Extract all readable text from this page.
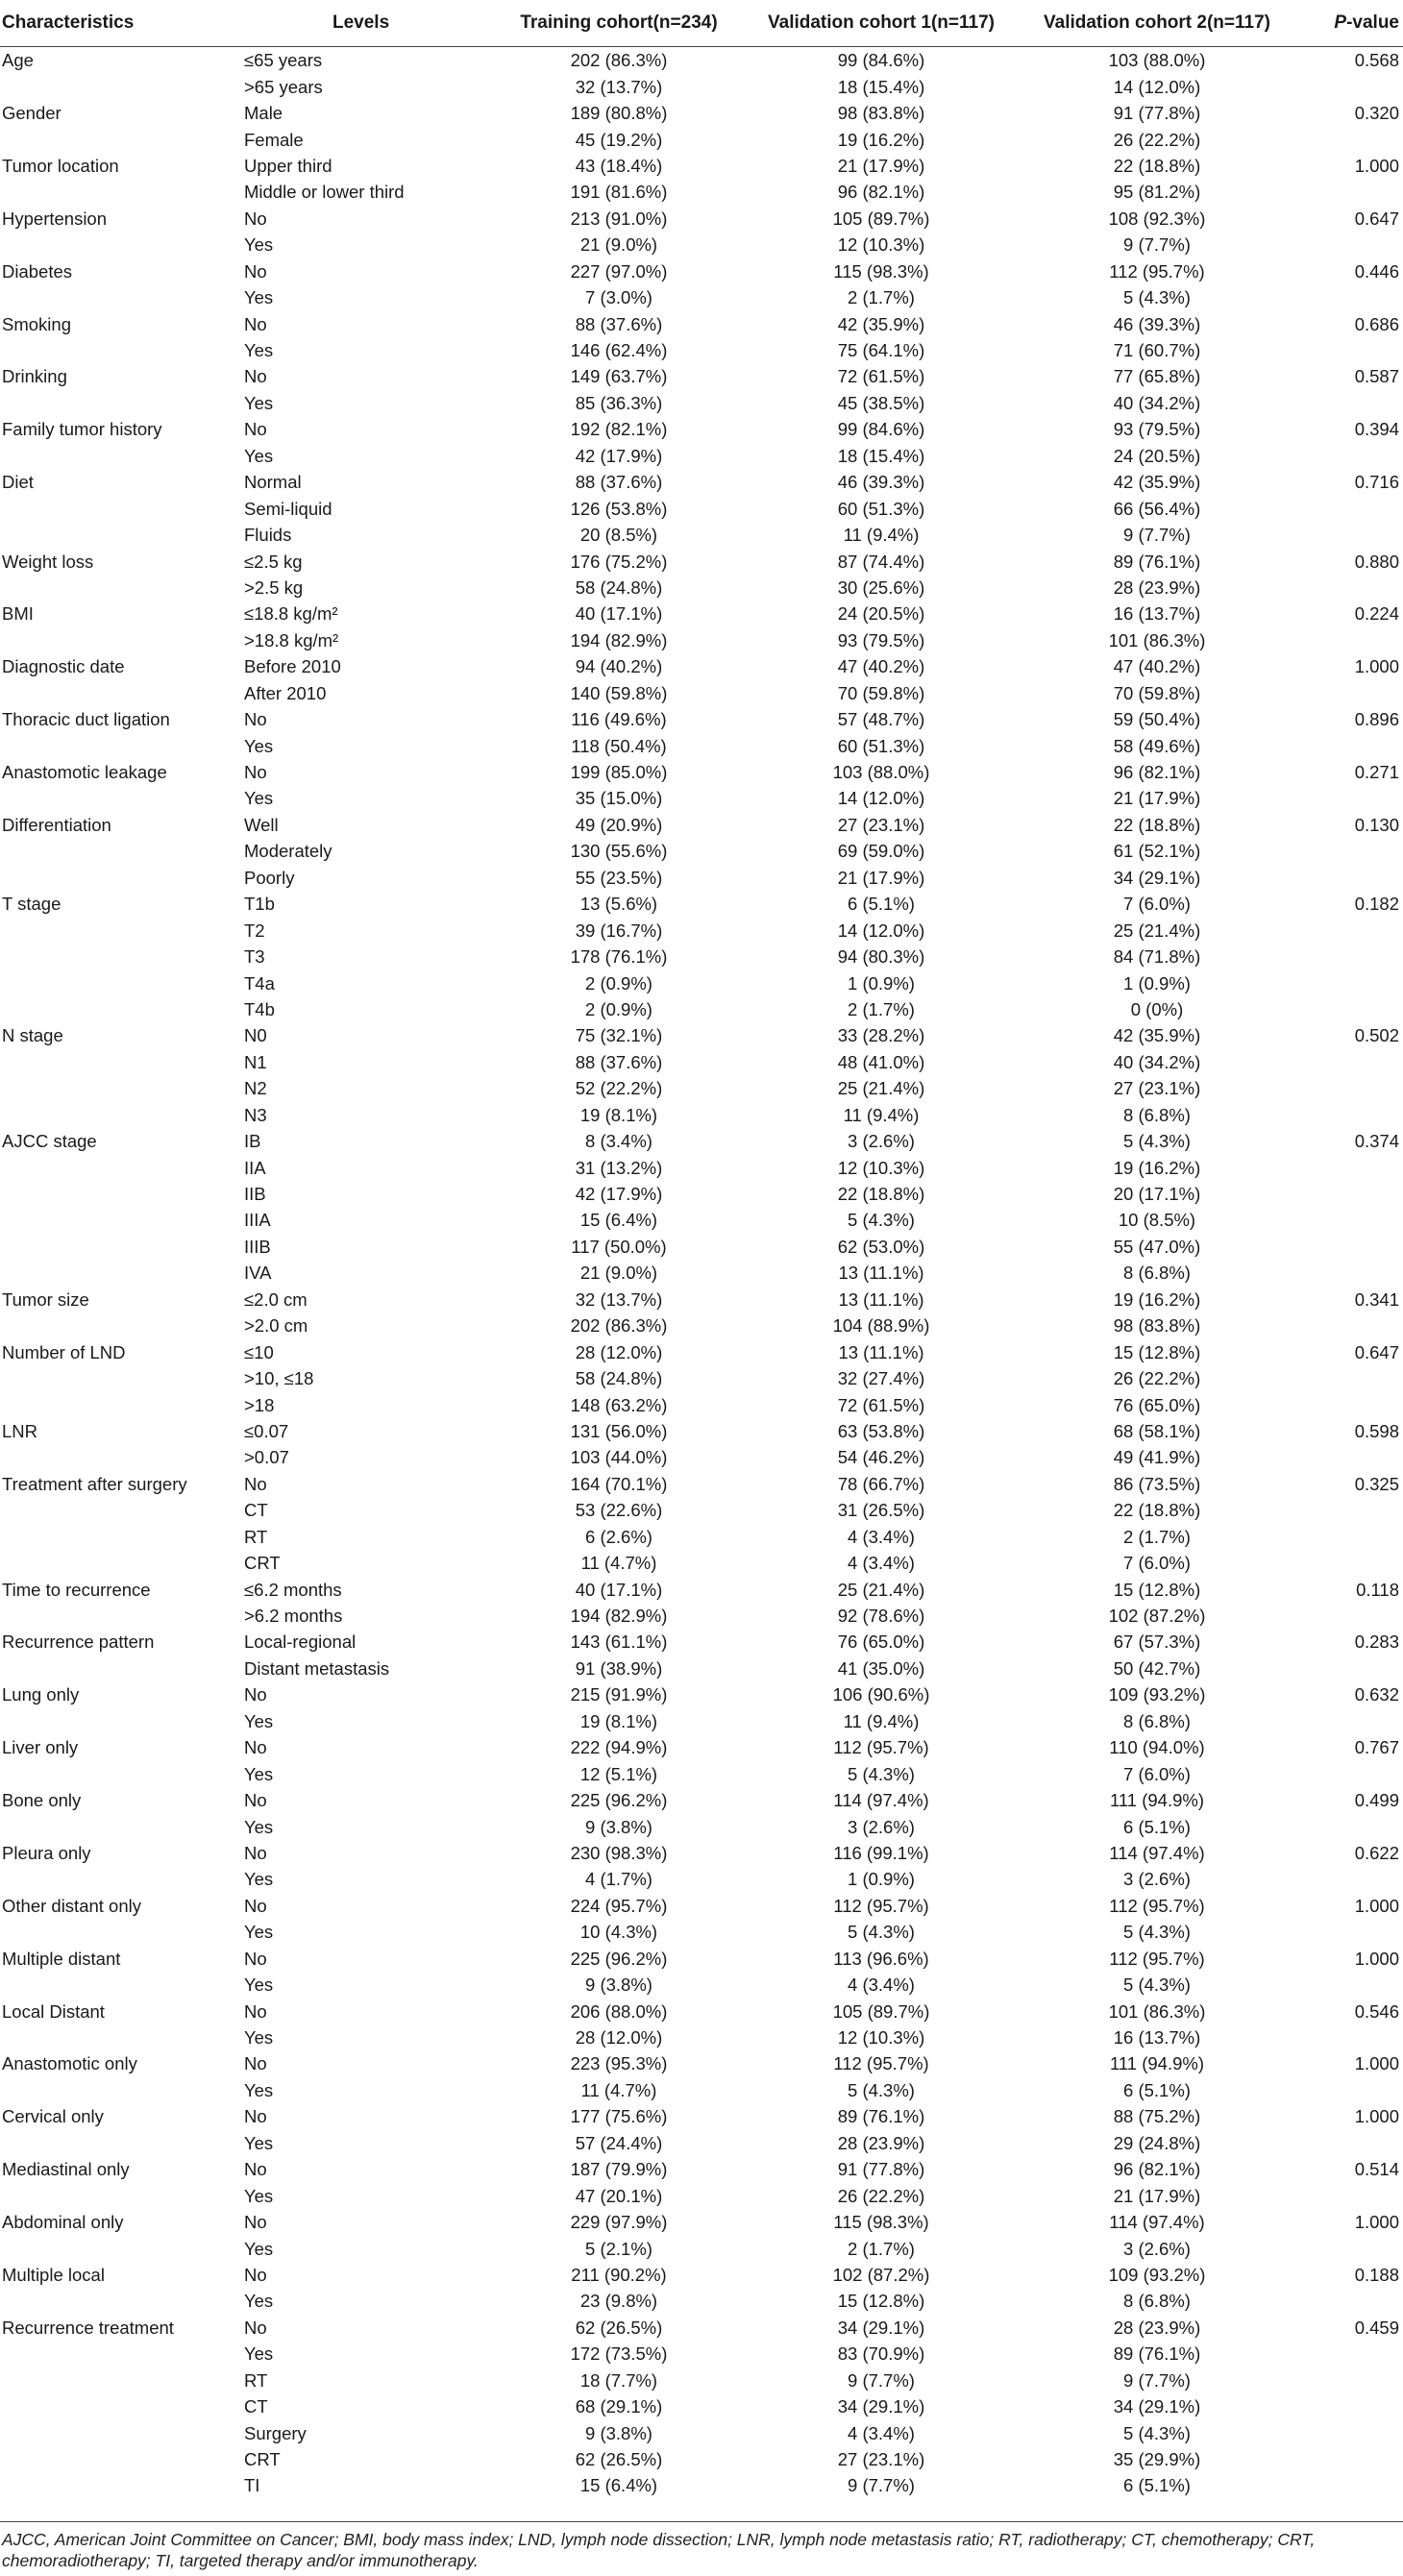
Characteristics	Levels	Training cohort(n=234)	Validation cohort 1(n=117)	Validation cohort 2(n=117)	P-value
Age	≤65 years	202 (86.3%)	99 (84.6%)	103 (88.0%)	0.568
	>65 years	32 (13.7%)	18 (15.4%)	14 (12.0%)	
Gender	Male	189 (80.8%)	98 (83.8%)	91 (77.8%)	0.320
	Female	45 (19.2%)	19 (16.2%)	26 (22.2%)	
Tumor location	Upper third	43 (18.4%)	21 (17.9%)	22 (18.8%)	1.000
	Middle or lower third	191 (81.6%)	96 (82.1%)	95 (81.2%)	
Hypertension	No	213 (91.0%)	105 (89.7%)	108 (92.3%)	0.647
	Yes	21 (9.0%)	12 (10.3%)	9 (7.7%)	
Diabetes	No	227 (97.0%)	115 (98.3%)	112 (95.7%)	0.446
	Yes	7 (3.0%)	2 (1.7%)	5 (4.3%)	
Smoking	No	88 (37.6%)	42 (35.9%)	46 (39.3%)	0.686
	Yes	146 (62.4%)	75 (64.1%)	71 (60.7%)	
Drinking	No	149 (63.7%)	72 (61.5%)	77 (65.8%)	0.587
	Yes	85 (36.3%)	45 (38.5%)	40 (34.2%)	
Family tumor history	No	192 (82.1%)	99 (84.6%)	93 (79.5%)	0.394
	Yes	42 (17.9%)	18 (15.4%)	24 (20.5%)	
Diet	Normal	88 (37.6%)	46 (39.3%)	42 (35.9%)	0.716
	Semi-liquid	126 (53.8%)	60 (51.3%)	66 (56.4%)	
	Fluids	20 (8.5%)	11 (9.4%)	9 (7.7%)	
Weight loss	≤2.5 kg	176 (75.2%)	87 (74.4%)	89 (76.1%)	0.880
	>2.5 kg	58 (24.8%)	30 (25.6%)	28 (23.9%)	
BMI	≤18.8 kg/m²	40 (17.1%)	24 (20.5%)	16 (13.7%)	0.224
	>18.8 kg/m²	194 (82.9%)	93 (79.5%)	101 (86.3%)	
Diagnostic date	Before 2010	94 (40.2%)	47 (40.2%)	47 (40.2%)	1.000
	After 2010	140 (59.8%)	70 (59.8%)	70 (59.8%)	
Thoracic duct ligation	No	116 (49.6%)	57 (48.7%)	59 (50.4%)	0.896
	Yes	118 (50.4%)	60 (51.3%)	58 (49.6%)	
Anastomotic leakage	No	199 (85.0%)	103 (88.0%)	96 (82.1%)	0.271
	Yes	35 (15.0%)	14 (12.0%)	21 (17.9%)	
Differentiation	Well	49 (20.9%)	27 (23.1%)	22 (18.8%)	0.130
	Moderately	130 (55.6%)	69 (59.0%)	61 (52.1%)	
	Poorly	55 (23.5%)	21 (17.9%)	34 (29.1%)	
T stage	T1b	13 (5.6%)	6 (5.1%)	7 (6.0%)	0.182
	T2	39 (16.7%)	14 (12.0%)	25 (21.4%)	
	T3	178 (76.1%)	94 (80.3%)	84 (71.8%)	
	T4a	2 (0.9%)	1 (0.9%)	1 (0.9%)	
	T4b	2 (0.9%)	2 (1.7%)	0 (0%)	
N stage	N0	75 (32.1%)	33 (28.2%)	42 (35.9%)	0.502
	N1	88 (37.6%)	48 (41.0%)	40 (34.2%)	
	N2	52 (22.2%)	25 (21.4%)	27 (23.1%)	
	N3	19 (8.1%)	11 (9.4%)	8 (6.8%)	
AJCC stage	IB	8 (3.4%)	3 (2.6%)	5 (4.3%)	0.374
	IIA	31 (13.2%)	12 (10.3%)	19 (16.2%)	
	IIB	42 (17.9%)	22 (18.8%)	20 (17.1%)	
	IIIA	15 (6.4%)	5 (4.3%)	10 (8.5%)	
	IIIB	117 (50.0%)	62 (53.0%)	55 (47.0%)	
	IVA	21 (9.0%)	13 (11.1%)	8 (6.8%)	
Tumor size	≤2.0 cm	32 (13.7%)	13 (11.1%)	19 (16.2%)	0.341
	>2.0 cm	202 (86.3%)	104 (88.9%)	98 (83.8%)	
Number of LND	≤10	28 (12.0%)	13 (11.1%)	15 (12.8%)	0.647
	>10, ≤18	58 (24.8%)	32 (27.4%)	26 (22.2%)	
	>18	148 (63.2%)	72 (61.5%)	76 (65.0%)	
LNR	≤0.07	131 (56.0%)	63 (53.8%)	68 (58.1%)	0.598
	>0.07	103 (44.0%)	54 (46.2%)	49 (41.9%)	
Treatment after surgery	No	164 (70.1%)	78 (66.7%)	86 (73.5%)	0.325
	CT	53 (22.6%)	31 (26.5%)	22 (18.8%)	
	RT	6 (2.6%)	4 (3.4%)	2 (1.7%)	
	CRT	11 (4.7%)	4 (3.4%)	7 (6.0%)	
Time to recurrence	≤6.2 months	40 (17.1%)	25 (21.4%)	15 (12.8%)	0.118
	>6.2 months	194 (82.9%)	92 (78.6%)	102 (87.2%)	
Recurrence pattern	Local-regional	143 (61.1%)	76 (65.0%)	67 (57.3%)	0.283
	Distant metastasis	91 (38.9%)	41 (35.0%)	50 (42.7%)	
Lung only	No	215 (91.9%)	106 (90.6%)	109 (93.2%)	0.632
	Yes	19 (8.1%)	11 (9.4%)	8 (6.8%)	
Liver only	No	222 (94.9%)	112 (95.7%)	110 (94.0%)	0.767
	Yes	12 (5.1%)	5 (4.3%)	7 (6.0%)	
Bone only	No	225 (96.2%)	114 (97.4%)	111 (94.9%)	0.499
	Yes	9 (3.8%)	3 (2.6%)	6 (5.1%)	
Pleura only	No	230 (98.3%)	116 (99.1%)	114 (97.4%)	0.622
	Yes	4 (1.7%)	1 (0.9%)	3 (2.6%)	
Other distant only	No	224 (95.7%)	112 (95.7%)	112 (95.7%)	1.000
	Yes	10 (4.3%)	5 (4.3%)	5 (4.3%)	
Multiple distant	No	225 (96.2%)	113 (96.6%)	112 (95.7%)	1.000
	Yes	9 (3.8%)	4 (3.4%)	5 (4.3%)	
Local Distant	No	206 (88.0%)	105 (89.7%)	101 (86.3%)	0.546
	Yes	28 (12.0%)	12 (10.3%)	16 (13.7%)	
Anastomotic only	No	223 (95.3%)	112 (95.7%)	111 (94.9%)	1.000
	Yes	11 (4.7%)	5 (4.3%)	6 (5.1%)	
Cervical only	No	177 (75.6%)	89 (76.1%)	88 (75.2%)	1.000
	Yes	57 (24.4%)	28 (23.9%)	29 (24.8%)	
Mediastinal only	No	187 (79.9%)	91 (77.8%)	96 (82.1%)	0.514
	Yes	47 (20.1%)	26 (22.2%)	21 (17.9%)	
Abdominal only	No	229 (97.9%)	115 (98.3%)	114 (97.4%)	1.000
	Yes	5 (2.1%)	2 (1.7%)	3 (2.6%)	
Multiple local	No	211 (90.2%)	102 (87.2%)	109 (93.2%)	0.188
	Yes	23 (9.8%)	15 (12.8%)	8 (6.8%)	
Recurrence treatment	No	62 (26.5%)	34 (29.1%)	28 (23.9%)	0.459
	Yes	172 (73.5%)	83 (70.9%)	89 (76.1%)	
	RT	18 (7.7%)	9 (7.7%)	9 (7.7%)	
	CT	68 (29.1%)	34 (29.1%)	34 (29.1%)	
	Surgery	9 (3.8%)	4 (3.4%)	5 (4.3%)	
	CRT	62 (26.5%)	27 (23.1%)	35 (29.9%)	
	TI	15 (6.4%)	9 (7.7%)	6 (5.1%)	
AJCC, American Joint Committee on Cancer; BMI, body mass index; LND, lymph node dissection; LNR, lymph node metastasis ratio; RT, radiotherapy; CT, chemotherapy; CRT, chemoradiotherapy; TI, targeted therapy and/or immunotherapy.
